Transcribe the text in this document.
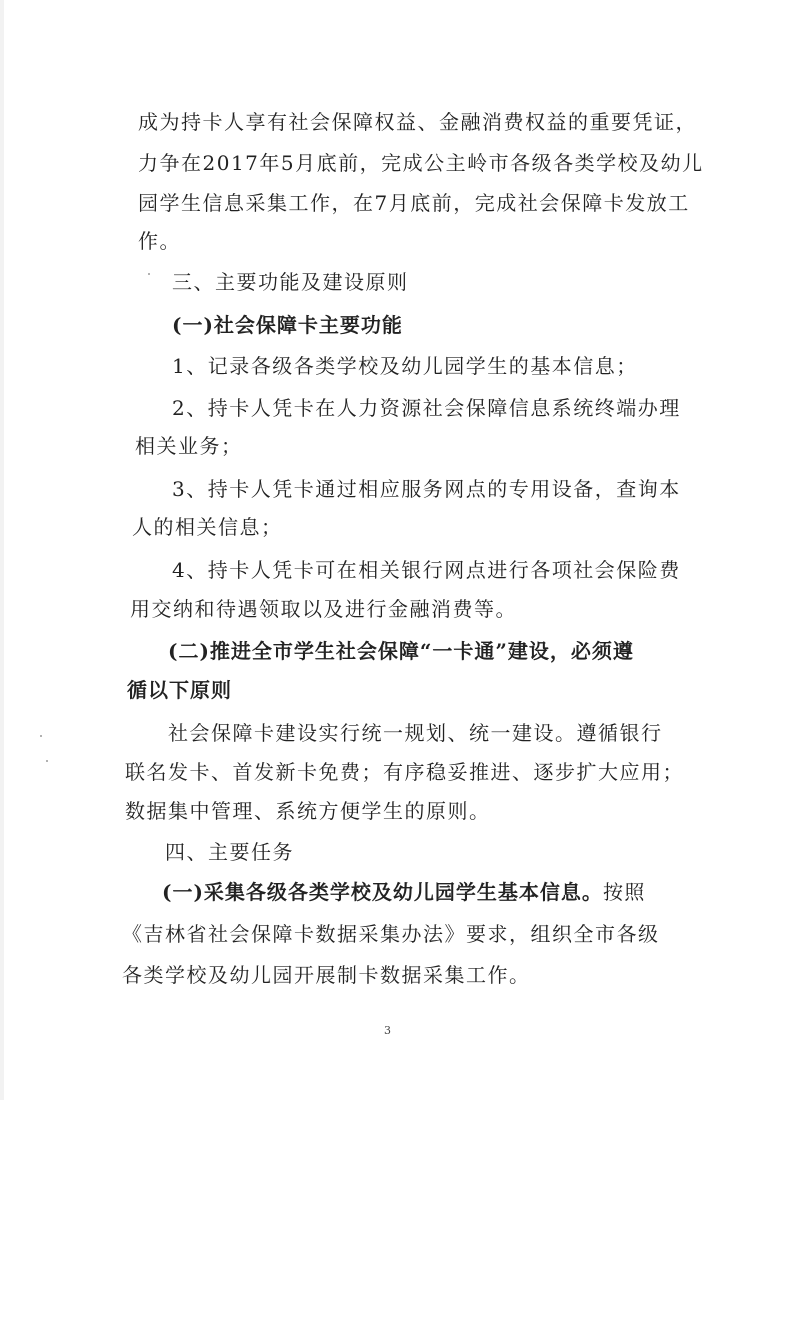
成为持卡人享有社会保障权益、金融消费权益的重要凭证，
力争在2017年5月底前，完成公主岭市各级各类学校及幼儿
园学生信息采集工作，在7月底前，完成社会保障卡发放工
作。
三、主要功能及建设原则
(一)社会保障卡主要功能
1、记录各级各类学校及幼儿园学生的基本信息；
2、持卡人凭卡在人力资源社会保障信息系统终端办理
相关业务；
3、持卡人凭卡通过相应服务网点的专用设备，查询本
人的相关信息；
4、持卡人凭卡可在相关银行网点进行各项社会保险费
用交纳和待遇领取以及进行金融消费等。
(二)推进全市学生社会保障“一卡通”建设，必须遵
循以下原则
社会保障卡建设实行统一规划、统一建设。遵循银行
联名发卡、首发新卡免费；有序稳妥推进、逐步扩大应用；
数据集中管理、系统方便学生的原则。
四、主要任务
(一)采集各级各类学校及幼儿园学生基本信息。按照
《吉林省社会保障卡数据采集办法》要求，组织全市各级
各类学校及幼儿园开展制卡数据采集工作。
3
